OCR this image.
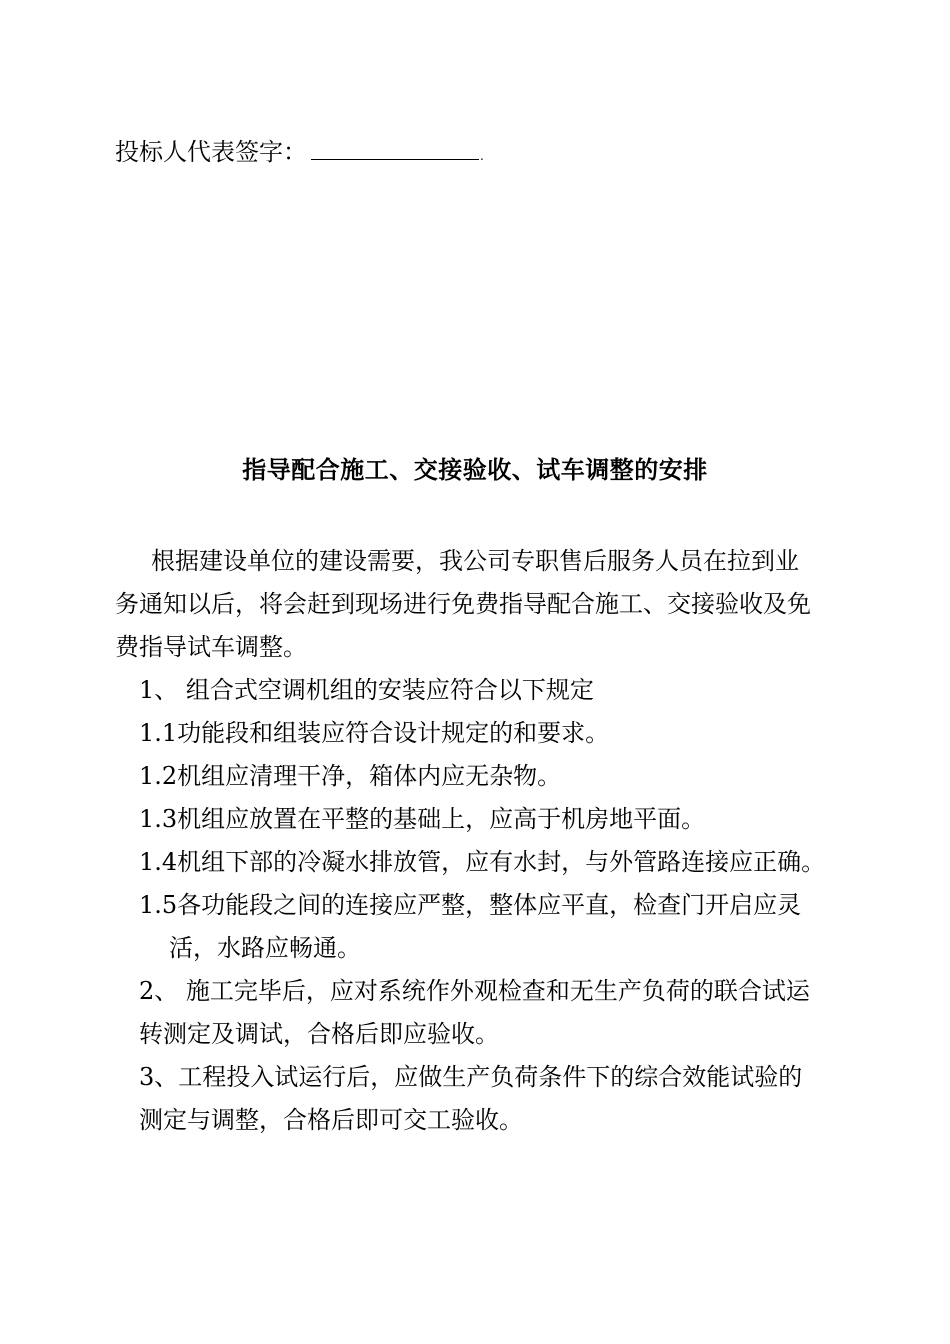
投标人代表签字：	.
指导配合施工、交接验收、试车调整的安排
根据建设单位的建设需要，我公司专职售后服务人员在拉到业
务通知以后，将会赶到现场进行免费指导配合施工、交接验收及免
费指导试车调整。
1、 组合式空调机组的安装应符合以下规定
1.1功能段和组装应符合设计规定的和要求。
1.2机组应清理干净，箱体内应无杂物。
1.3机组应放置在平整的基础上，应高于机房地平面。
1.4机组下部的冷凝水排放管，应有水封，与外管路连接应正确。
1.5各功能段之间的连接应严整，整体应平直，检查门开启应灵
活，水路应畅通。
2、 施工完毕后，应对系统作外观检查和无生产负荷的联合试运
转测定及调试，合格后即应验收。
3、工程投入试运行后，应做生产负荷条件下的综合效能试验的
测定与调整，合格后即可交工验收。
